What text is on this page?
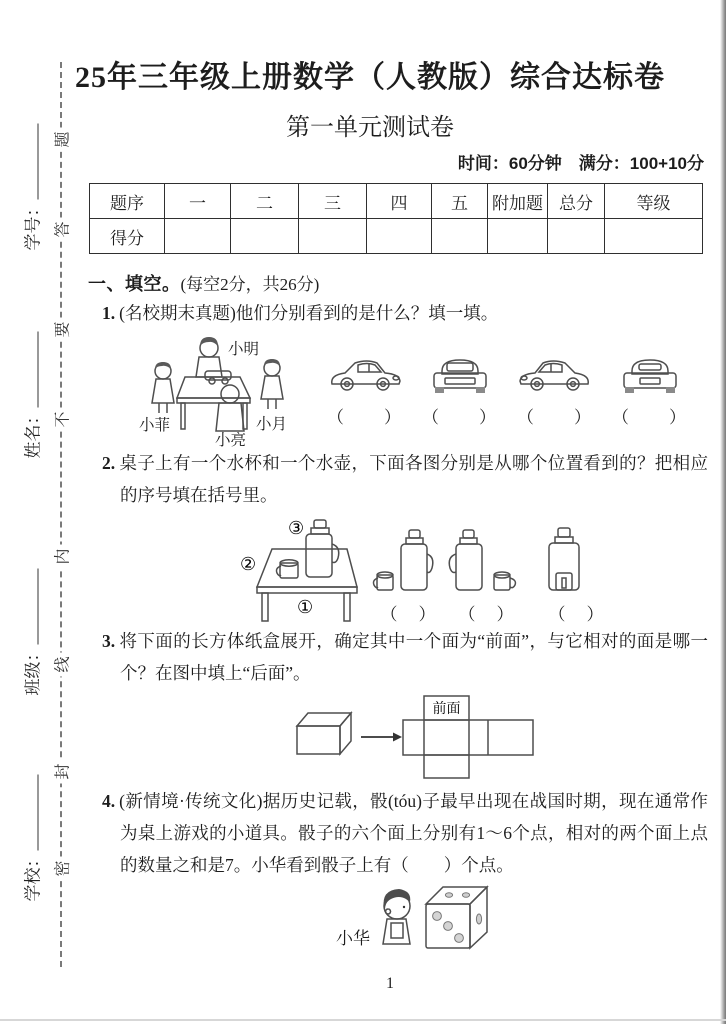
题
答
要
不
内
线
封
密
学号：
姓名：
班级：
学校：
25年三年级上册数学（人教版）综合达标卷
第一单元测试卷
时间：60分钟　满分：100+10分
题序	一	二	三	四	五	附加题	总分	等级
得分								
一、填空。(每空2分，共26分)

1. (名校期末真题)他们分别看到的是什么？填一填。

小明
小菲
小亮
小月 （　　） （　　） （　　） （　　）

2. 桌子上有一个水杯和一个水壶，下面各图分别是从哪个位置看到的？把相应的序号填在括号里。

③
②
①	（　）	（　）	（　）

3. 将下面的长方体纸盒展开，确定其中一个面为“前面”，与它相对的面是哪一个？在图中填上“后面”。

前面

4. (新情境·传统文化)据历史记载，骰(tóu)子最早出现在战国时期，现在通常作为桌上游戏的小道具。骰子的六个面上分别有1～6个点，相对的两个面上点的数量之和是7。小华看到骰子上有（　　）个点。

小华
1
